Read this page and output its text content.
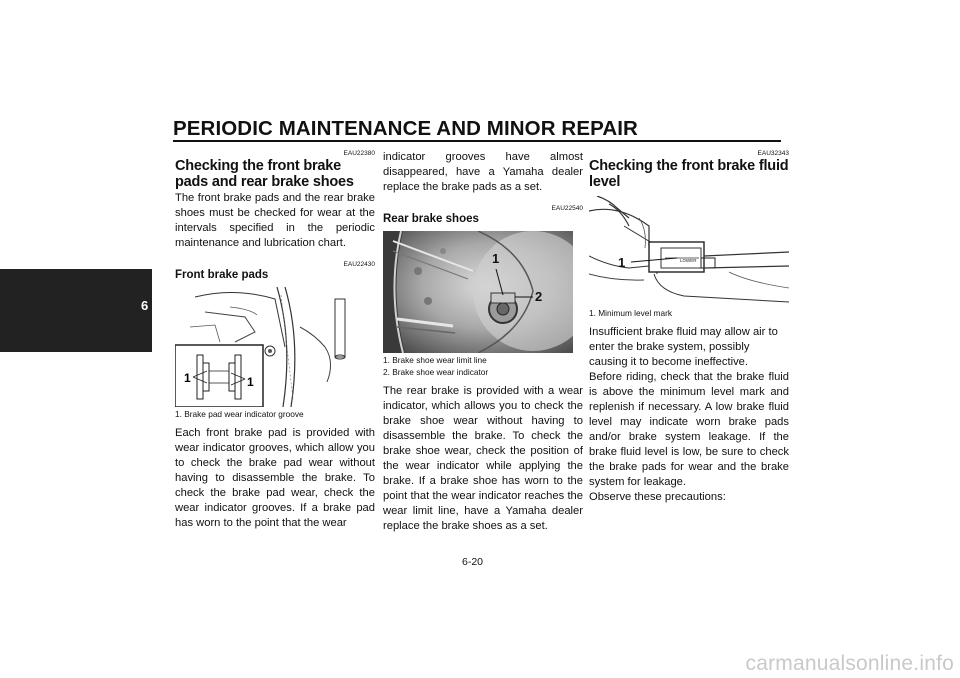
PERIODIC MAINTENANCE AND MINOR REPAIR
6
EAU22380
Checking the front brake pads and rear brake shoes

The front brake pads and the rear brake shoes must be checked for wear at the intervals specified in the periodic maintenance and lubrication chart.

EAU22430
Front brake pads
1	1
1. Brake pad wear indicator groove

Each front brake pad is provided with wear indicator grooves, which allow you to check the brake pad wear without having to disassemble the brake. To check the brake pad wear, check the wear indicator grooves. If a brake pad has worn to the point that the wear

indicator grooves have almost disappeared, have a Yamaha dealer replace the brake pads as a set.

EAU22540
Rear brake shoes
1
2
1. Brake shoe wear limit line
2. Brake shoe wear indicator

The rear brake is provided with a wear indicator, which allows you to check the brake shoe wear without having to disassemble the brake. To check the brake shoe wear, check the position of the wear indicator while applying the brake. If a brake shoe has worn to the point that the wear indicator reaches the wear limit line, have a Yamaha dealer replace the brake shoes as a set.

EAU32343
Checking the front brake fluid level
LOWER
1
1. Minimum level mark

Insufficient brake fluid may allow air to enter the brake system, possibly causing it to become ineffective.

Before riding, check that the brake fluid is above the minimum level mark and replenish if necessary. A low brake fluid level may indicate worn brake pads and/or brake system leakage. If the brake fluid level is low, be sure to check the brake pads for wear and the brake system for leakage.

Observe these precautions:

6-20
carmanualsonline.info
